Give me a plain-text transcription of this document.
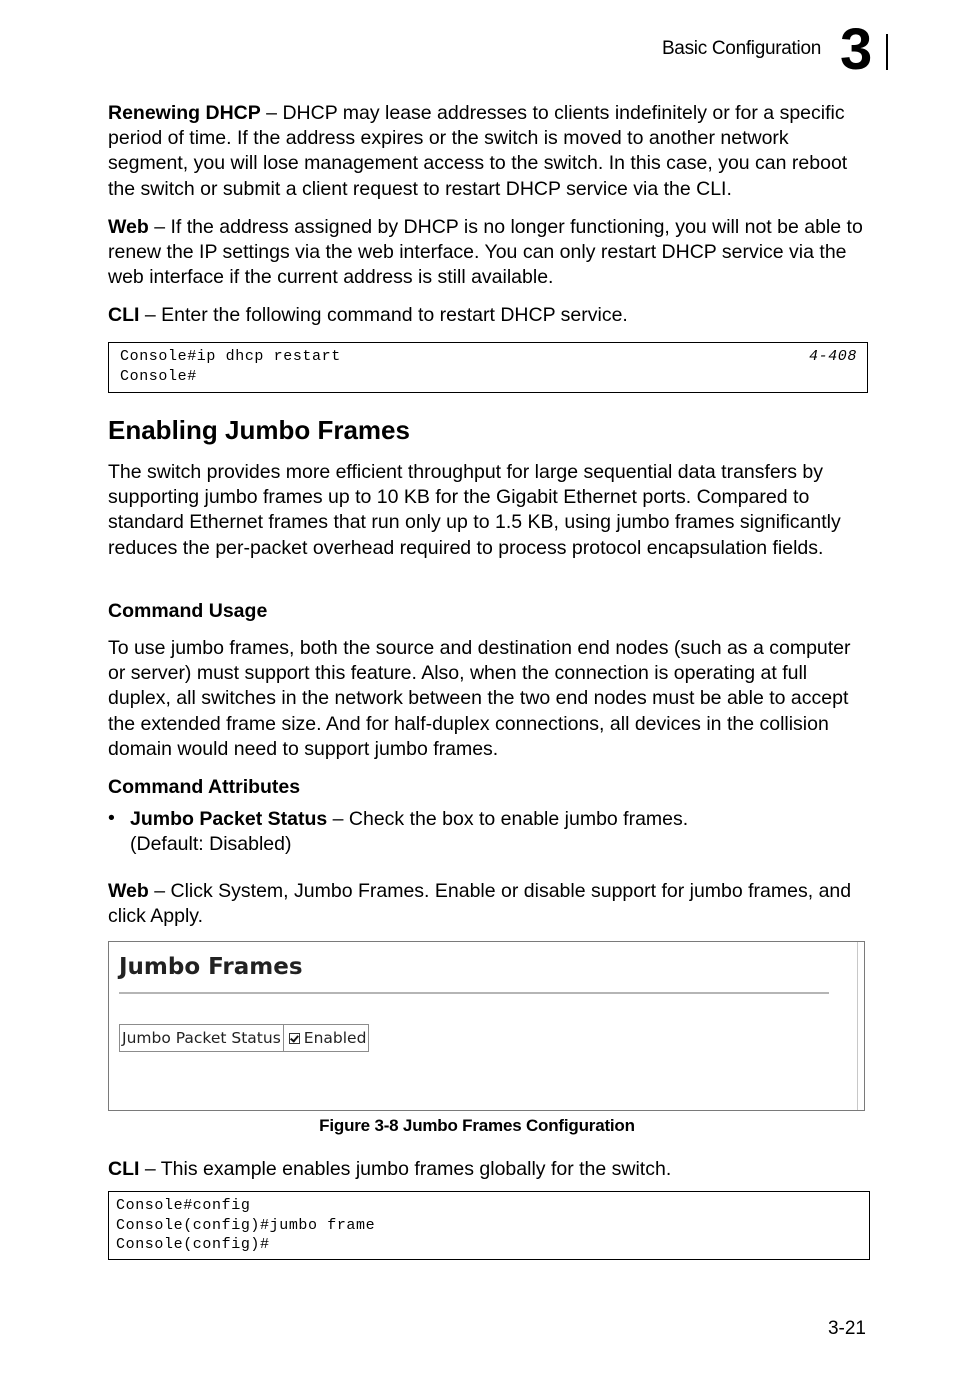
Basic Configuration 3

Renewing DHCP – DHCP may lease addresses to clients indefinitely or for a specific period of time. If the address expires or the switch is moved to another network segment, you will lose management access to the switch. In this case, you can reboot the switch or submit a client request to restart DHCP service via the CLI.

Web – If the address assigned by DHCP is no longer functioning, you will not be able to renew the IP settings via the web interface. You can only restart DHCP service via the web interface if the current address is still available.

CLI – Enter the following command to restart DHCP service.

Console#ip dhcp restart
Console#
4-408
Enabling Jumbo Frames

The switch provides more efficient throughput for large sequential data transfers by supporting jumbo frames up to 10 KB for the Gigabit Ethernet ports. Compared to standard Ethernet frames that run only up to 1.5 KB, using jumbo frames significantly reduces the per-packet overhead required to process protocol encapsulation fields.

Command Usage

To use jumbo frames, both the source and destination end nodes (such as a computer or server) must support this feature. Also, when the connection is operating at full duplex, all switches in the network between the two end nodes must be able to accept the extended frame size. And for half-duplex connections, all devices in the collision domain would need to support jumbo frames.

Command Attributes
• Jumbo Packet Status – Check the box to enable jumbo frames.
(Default: Disabled)

Web – Click System, Jumbo Frames. Enable or disable support for jumbo frames, and click Apply.

Jumbo Frames
Jumbo Packet Status Enabled
Figure 3-8 Jumbo Frames Configuration

CLI – This example enables jumbo frames globally for the switch.

Console#config
Console(config)#jumbo frame
Console(config)#
3-21
